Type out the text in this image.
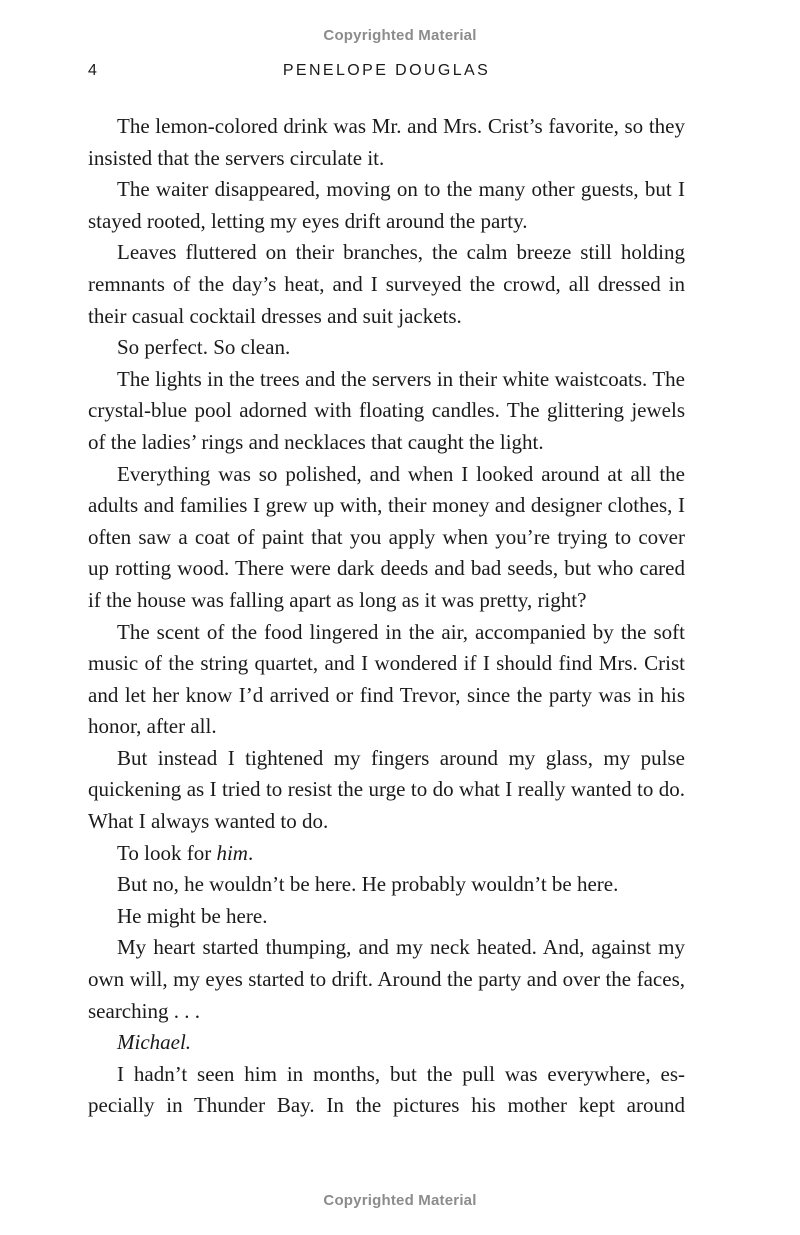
Copyrighted Material
4	PENELOPE DOUGLAS

The lemon-colored drink was Mr. and Mrs. Crist’s favorite, so they insisted that the servers circulate it.

The waiter disappeared, moving on to the many other guests, but I stayed rooted, letting my eyes drift around the party.

Leaves fluttered on their branches, the calm breeze still holding remnants of the day’s heat, and I surveyed the crowd, all dressed in their casual cocktail dresses and suit jackets.

So perfect. So clean.

The lights in the trees and the servers in their white waistcoats. The crystal-blue pool adorned with floating candles. The glittering jewels of the ladies’ rings and necklaces that caught the light.

Everything was so polished, and when I looked around at all the adults and families I grew up with, their money and designer clothes, I often saw a coat of paint that you apply when you’re trying to cover up rotting wood. There were dark deeds and bad seeds, but who cared if the house was falling apart as long as it was pretty, right?

The scent of the food lingered in the air, accompanied by the soft music of the string quartet, and I wondered if I should find Mrs. Crist and let her know I’d arrived or find Trevor, since the party was in his honor, after all.

But instead I tightened my fingers around my glass, my pulse quickening as I tried to resist the urge to do what I really wanted to do. What I always wanted to do.

To look for him.

But no, he wouldn’t be here. He probably wouldn’t be here.

He might be here.

My heart started thumping, and my neck heated. And, against my own will, my eyes started to drift. Around the party and over the faces, searching . . .

Michael.

I hadn’t seen him in months, but the pull was everywhere, especially in Thunder Bay. In the pictures his mother kept around

Copyrighted Material
